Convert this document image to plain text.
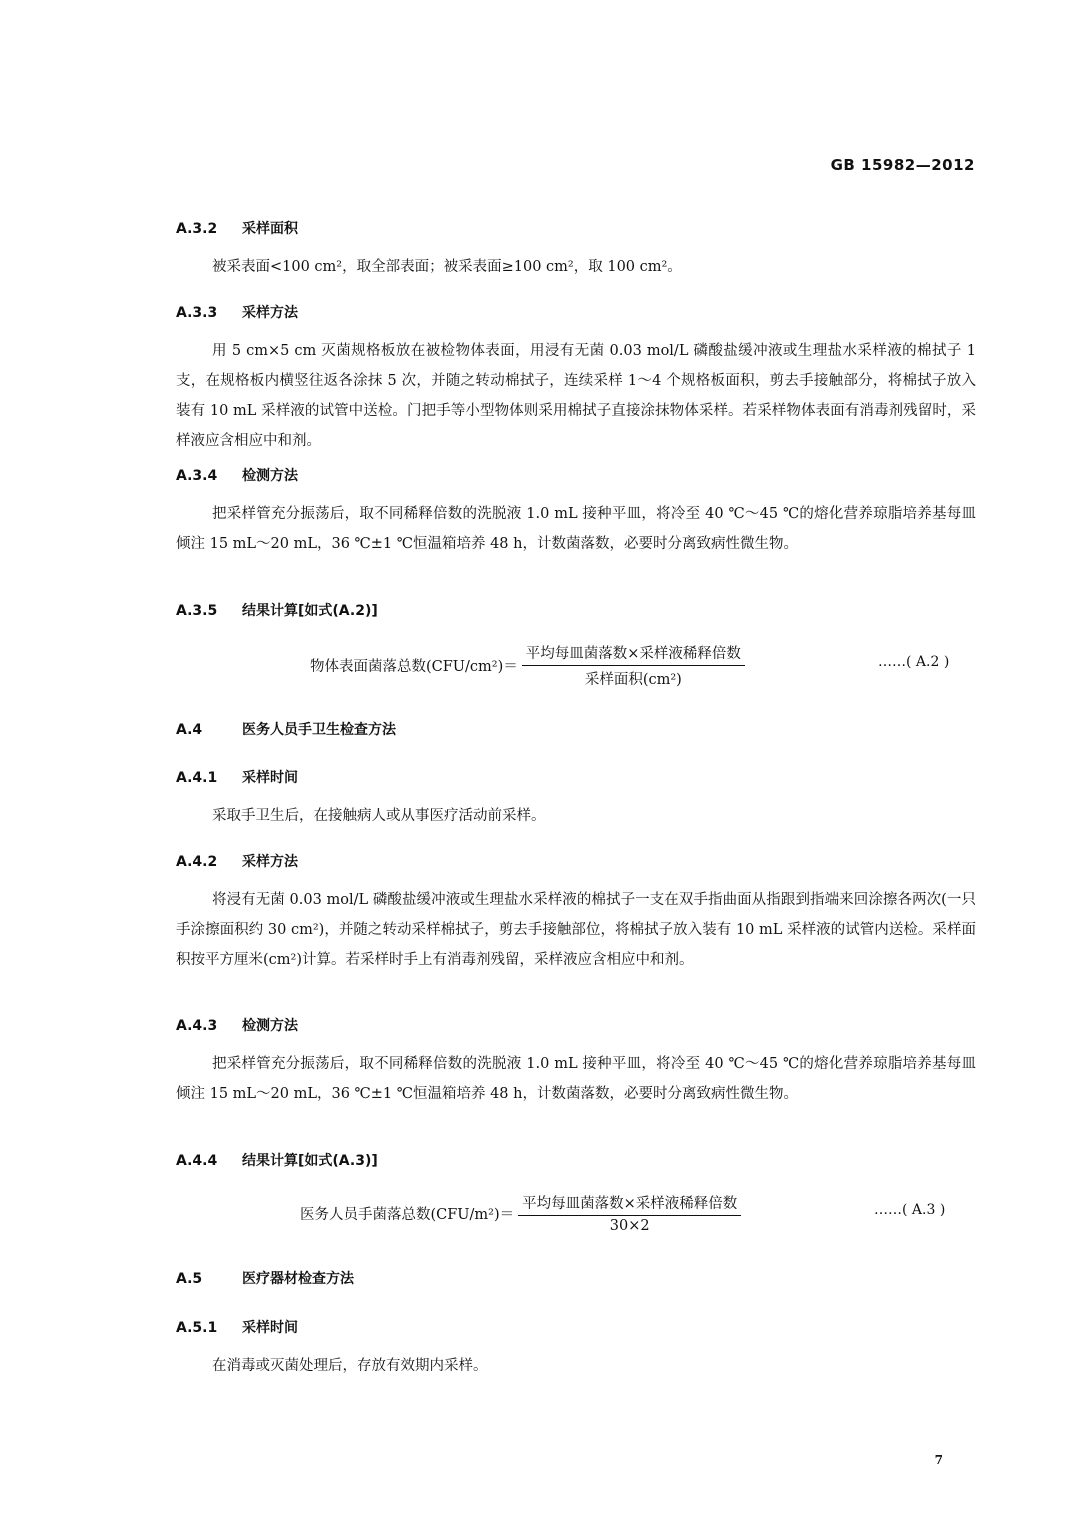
GB 15982—2012
A.3.2 采样面积

被采表面<100 cm²，取全部表面；被采表面≥100 cm²，取 100 cm²。

A.3.3 采样方法

用 5 cm×5 cm 灭菌规格板放在被检物体表面，用浸有无菌 0.03 mol/L 磷酸盐缓冲液或生理盐水采样液的棉拭子 1 支，在规格板内横竖往返各涂抹 5 次，并随之转动棉拭子，连续采样 1～4 个规格板面积，剪去手接触部分，将棉拭子放入装有 10 mL 采样液的试管中送检。门把手等小型物体则采用棉拭子直接涂抹物体采样。若采样物体表面有消毒剂残留时，采样液应含相应中和剂。

A.3.4 检测方法

把采样管充分振荡后，取不同稀释倍数的洗脱液 1.0 mL 接种平皿，将冷至 40 ℃～45 ℃的熔化营养琼脂培养基每皿倾注 15 mL～20 mL，36 ℃±1 ℃恒温箱培养 48 h，计数菌落数，必要时分离致病性微生物。

A.3.5 结果计算[如式(A.2)]
物体表面菌落总数$(CFU/cm^2)= \frac{\text{平均每皿菌落数×采样液稀释倍数}}{\text{采样面积(cm²)}}$	……( A.2 )
A.4	医务人员手卫生检查方法
A.4.1 采样时间

采取手卫生后，在接触病人或从事医疗活动前采样。

A.4.2 采样方法

将浸有无菌 0.03 mol/L 磷酸盐缓冲液或生理盐水采样液的棉拭子一支在双手指曲面从指跟到指端来回涂擦各两次(一只手涂擦面积约 30 cm²)，并随之转动采样棉拭子，剪去手接触部位，将棉拭子放入装有 10 mL 采样液的试管内送检。采样面积按平方厘米(cm²)计算。若采样时手上有消毒剂残留，采样液应含相应中和剂。

A.4.3 检测方法

把采样管充分振荡后，取不同稀释倍数的洗脱液 1.0 mL 接种平皿，将冷至 40 ℃～45 ℃的熔化营养琼脂培养基每皿倾注 15 mL～20 mL，36 ℃±1 ℃恒温箱培养 48 h，计数菌落数，必要时分离致病性微生物。

A.4.4 结果计算[如式(A.3)]
医务人员手菌落总数$(CFU/m^2)= \frac{\text{平均每皿菌落数×采样液稀释倍数}}{30\times 2}$	……( A.3 )
A.5	医疗器材检查方法
A.5.1 采样时间

在消毒或灭菌处理后，存放有效期内采样。

7
